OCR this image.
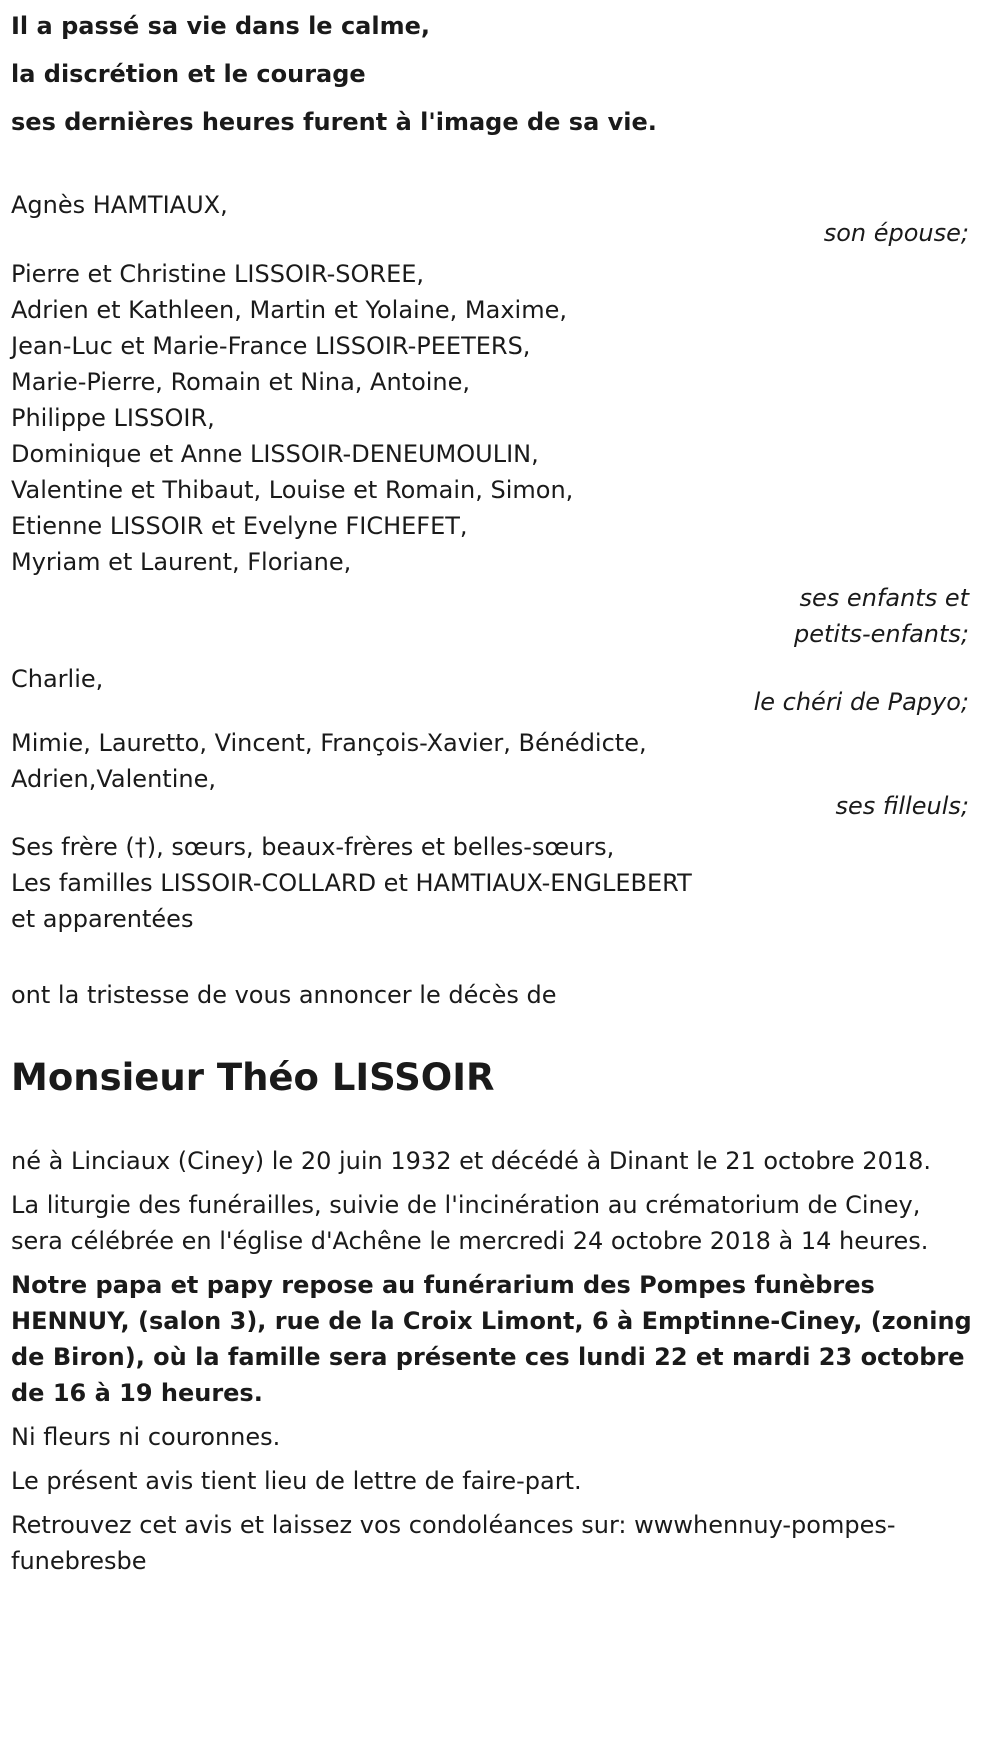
Il a passé sa vie dans le calme,
la discrétion et le courage
ses dernières heures furent à l'image de sa vie.
Agnès HAMTIAUX,
son épouse;
Pierre et Christine LISSOIR-SOREE,
Adrien et Kathleen, Martin et Yolaine, Maxime,
Jean-Luc et Marie-France LISSOIR-PEETERS,
Marie-Pierre, Romain et Nina, Antoine,
Philippe LISSOIR,
Dominique et Anne LISSOIR-DENEUMOULIN,
Valentine et Thibaut, Louise et Romain, Simon,
Etienne LISSOIR et Evelyne FICHEFET,
Myriam et Laurent, Floriane,
ses enfants et
petits-enfants;
Charlie,
le chéri de Papyo;
Mimie, Lauretto, Vincent, François-Xavier, Bénédicte,
Adrien,Valentine,
ses filleuls;
Ses frère (†), sœurs, beaux-frères et belles-sœurs,
Les familles LISSOIR-COLLARD et HAMTIAUX-ENGLEBERT
et apparentées

ont la tristesse de vous annoncer le décès de

Monsieur Théo LISSOIR

né à Linciaux (Ciney) le 20 juin 1932 et décédé à Dinant le 21 octobre 2018.

La liturgie des funérailles, suivie de l'incinération au crématorium de Ciney, sera célébrée en l'église d'Achêne le mercredi 24 octobre 2018 à 14 heures.

Notre papa et papy repose au funérarium des Pompes funèbres HENNUY, (salon 3), rue de la Croix Limont, 6 à Emptinne-Ciney, (zoning de Biron), où la famille sera présente ces lundi 22 et mardi 23 octobre de 16 à 19 heures.

Ni fleurs ni couronnes.

Le présent avis tient lieu de lettre de faire-part.

Retrouvez cet avis et laissez vos condoléances sur: wwwhennuy-pompes-funebresbe
